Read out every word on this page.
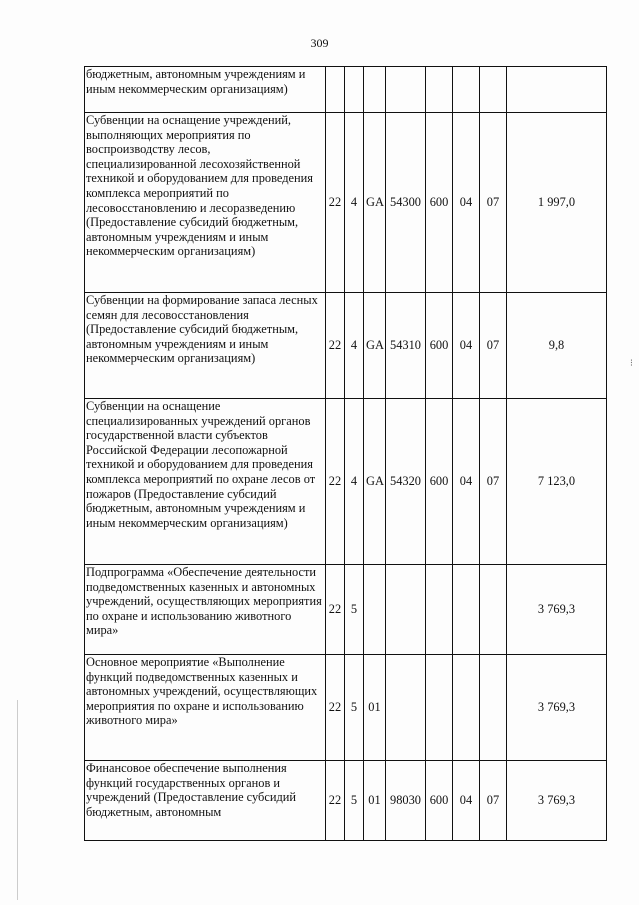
309
⁝
бюджетным, автономным учреждениям и иным некоммерческим организациям)								
Субвенции на оснащение учреждений, выполняющих мероприятия по воспроизводству лесов, специализированной лесохозяйственной техникой и оборудованием для проведения комплекса мероприятий по лесовосстановлению и лесоразведению (Предоставление субсидий бюджетным, автономным учреждениям и иным некоммерческим организациям)	22	4	GA	54300	600	04	07	1 997,0
Субвенции на формирование запаса лесных семян для лесовосстановления (Предоставление субсидий бюджетным, автономным учреждениям и иным некоммерческим организациям)	22	4	GA	54310	600	04	07	9,8
Субвенции на оснащение специализированных учреждений органов государственной власти субъектов Российской Федерации лесопожарной техникой и оборудованием для проведения комплекса мероприятий по охране лесов от пожаров (Предоставление субсидий бюджетным, автономным учреждениям и иным некоммерческим организациям)	22	4	GA	54320	600	04	07	7 123,0
Подпрограмма «Обеспечение деятельности подведомственных казенных и автономных учреждений, осуществляющих мероприятия по охране и использованию животного мира»	22	5						3 769,3
Основное мероприятие «Выполнение функций подведомственных казенных и автономных учреждений, осуществляющих мероприятия по охране и использованию животного мира»	22	5	01					3 769,3
Финансовое обеспечение выполнения функций государственных органов и учреждений (Предоставление субсидий бюджетным, автономным	22	5	01	98030	600	04	07	3 769,3
